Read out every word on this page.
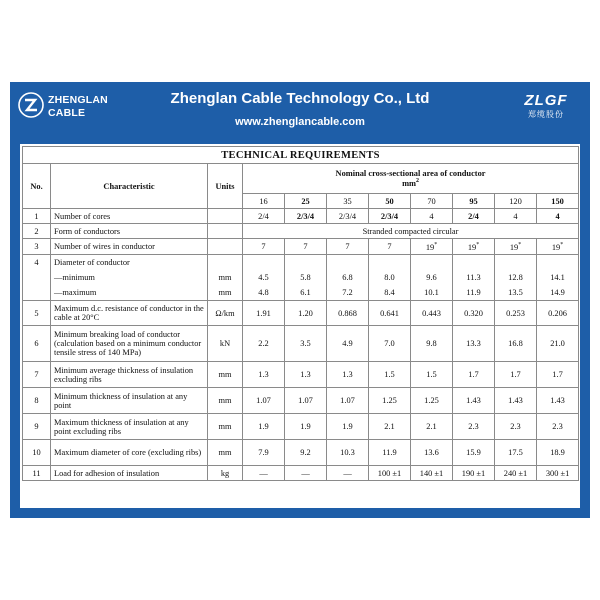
ZHENGLAN
CABLE
Zhenglan Cable Technology Co., Ltd
www.zhenglancable.com
ZLGF
郑缆股份
TECHNICAL REQUIREMENTS										
No.	Characteristic	Units	Nominal cross-sectional area of conductor
$mm^2$
			16	25	35	50	70	95	120	150
1	Number of cores		2/4	2/3/4	2/3/4	2/3/4	4	2/4	4	4
2	Form of conductors		Stranded compacted circular							
3	Number of wires in conductor		7	7	7	7	19*	19*	19*	19*
4	Diameter of conductor									
	—minimum	mm	4.5	5.8	6.8	8.0	9.6	11.3	12.8	14.1
	—maximum	mm	4.8	6.1	7.2	8.4	10.1	11.9	13.5	14.9
5	Maximum d.c. resistance of conductor in the cable at 20°C	Ω/km	1.91	1.20	0.868	0.641	0.443	0.320	0.253	0.206
6	Minimum breaking load of conductor (calculation based on a minimum conductor tensile stress of 140 MPa)	kN	2.2	3.5	4.9	7.0	9.8	13.3	16.8	21.0
7	Minimum average thickness of insulation excluding ribs	mm	1.3	1.3	1.3	1.5	1.5	1.7	1.7	1.7
8	Minimum thickness of insulation at any point	mm	1.07	1.07	1.07	1.25	1.25	1.43	1.43	1.43
9	Maximum thickness of insulation at any point excluding ribs	mm	1.9	1.9	1.9	2.1	2.1	2.3	2.3	2.3
10	Maximum diameter of core (excluding ribs)	mm	7.9	9.2	10.3	11.9	13.6	15.9	17.5	18.9
11	Load for adhesion of insulation	kg	—	—	—	100 ±1	140 ±1	190 ±1	240 ±1	300 ±1
